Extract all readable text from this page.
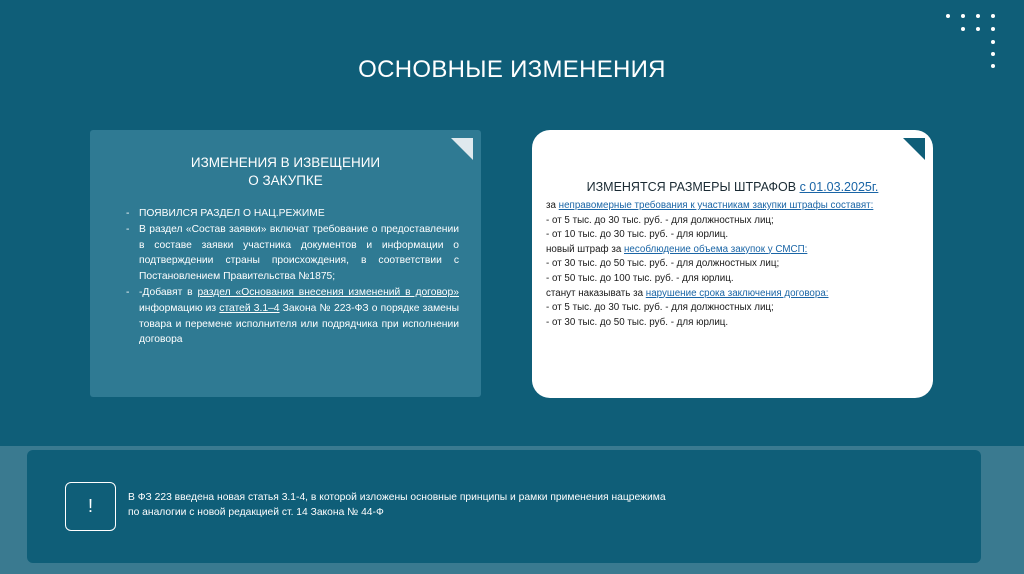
ОСНОВНЫЕ ИЗМЕНЕНИЯ
ИЗМЕНЕНИЯ В ИЗВЕЩЕНИИ
О ЗАКУПКЕ
- ПОЯВИЛСЯ РАЗДЕЛ О НАЦ.РЕЖИМЕ
- В раздел «Состав заявки» включат требование о предоставлении в составе заявки участника документов и информации о подтверждении страны происхождения, в соответствии с Постановлением Правительства №1875;
- -Добавят в раздел «Основания внесения изменений в договор» информацию из статей 3.1–4 Закона № 223-ФЗ о порядке замены товара и перемене исполнителя или подрядчика при исполнении договора
ИЗМЕНЯТСЯ РАЗМЕРЫ ШТРАФОВ с 01.03.2025г.
за неправомерные требования к участникам закупки штрафы составят:
- от 5 тыс. до 30 тыс. руб. - для должностных лиц;
- от 10 тыс. до 30 тыс. руб. - для юрлиц.
новый штраф за несоблюдение объема закупок у СМСП:
- от 30 тыс. до 50 тыс. руб. - для должностных лиц;
- от 50 тыс. до 100 тыс. руб. - для юрлиц.
станут наказывать за нарушение срока заключения договора:
- от 5 тыс. до 30 тыс. руб. - для должностных лиц;
- от 30 тыс. до 50 тыс. руб. - для юрлиц.
!	В ФЗ 223 введена новая статья 3.1-4, в которой изложены основные принципы и рамки применения нацрежима
по аналогии с новой редакцией ст. 14 Закона № 44-Ф
